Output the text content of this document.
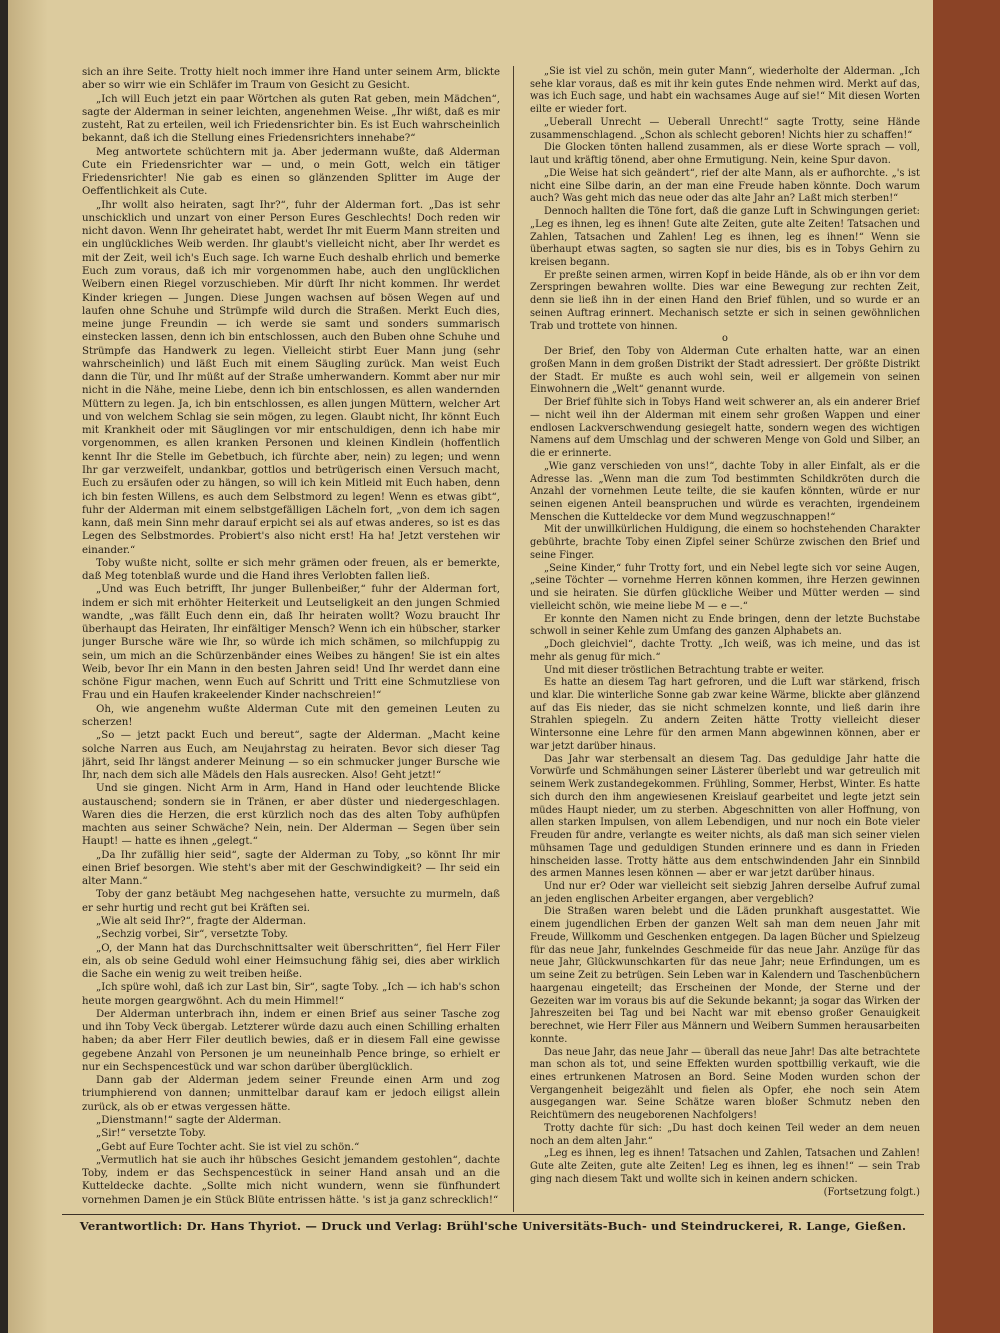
sich an ihre Seite. Trotty hielt noch immer ihre Hand unter seinem Arm, blickte aber so wirr wie ein Schläfer im Traum von Gesicht zu Gesicht.

„Ich will Euch jetzt ein paar Wörtchen als guten Rat geben, mein Mädchen“, sagte der Alderman in seiner leichten, angenehmen Weise. „Ihr wißt, daß es mir zusteht, Rat zu erteilen, weil ich Friedensrichter bin. Es ist Euch wahrscheinlich bekannt, daß ich die Stellung eines Friedensrichters innehabe?“

Meg antwortete schüchtern mit ja. Aber jedermann wußte, daß Alderman Cute ein Friedensrichter war — und, o mein Gott, welch ein tätiger Friedensrichter! Nie gab es einen so glänzenden Splitter im Auge der Oeffentlichkeit als Cute.

„Ihr wollt also heiraten, sagt Ihr?“, fuhr der Alderman fort. „Das ist sehr unschicklich und unzart von einer Person Eures Geschlechts! Doch reden wir nicht davon. Wenn Ihr geheiratet habt, werdet Ihr mit Euerm Mann streiten und ein unglückliches Weib werden. Ihr glaubt's vielleicht nicht, aber Ihr werdet es mit der Zeit, weil ich's Euch sage. Ich warne Euch deshalb ehrlich und bemerke Euch zum voraus, daß ich mir vorgenommen habe, auch den unglücklichen Weibern einen Riegel vorzuschieben. Mir dürft Ihr nicht kommen. Ihr werdet Kinder kriegen — Jungen. Diese Jungen wachsen auf bösen Wegen auf und laufen ohne Schuhe und Strümpfe wild durch die Straßen. Merkt Euch dies, meine junge Freundin — ich werde sie samt und sonders summarisch einstecken lassen, denn ich bin entschlossen, auch den Buben ohne Schuhe und Strümpfe das Handwerk zu legen. Vielleicht stirbt Euer Mann jung (sehr wahrscheinlich) und läßt Euch mit einem Säugling zurück. Man weist Euch dann die Tür, und Ihr müßt auf der Straße umherwandern. Kommt aber nur mir nicht in die Nähe, meine Liebe, denn ich bin entschlossen, es allen wandernden Müttern zu legen. Ja, ich bin entschlossen, es allen jungen Müttern, welcher Art und von welchem Schlag sie sein mögen, zu legen. Glaubt nicht, Ihr könnt Euch mit Krankheit oder mit Säuglingen vor mir entschuldigen, denn ich habe mir vorgenommen, es allen kranken Personen und kleinen Kindlein (hoffentlich kennt Ihr die Stelle im Gebetbuch, ich fürchte aber, nein) zu legen; und wenn Ihr gar verzweifelt, undankbar, gottlos und betrügerisch einen Versuch macht, Euch zu ersäufen oder zu hängen, so will ich kein Mitleid mit Euch haben, denn ich bin festen Willens, es auch dem Selbstmord zu legen! Wenn es etwas gibt“, fuhr der Alderman mit einem selbstgefälligen Lächeln fort, „von dem ich sagen kann, daß mein Sinn mehr darauf erpicht sei als auf etwas anderes, so ist es das Legen des Selbstmordes. Probiert's also nicht erst! Ha ha! Jetzt verstehen wir einander.“

Toby wußte nicht, sollte er sich mehr grämen oder freuen, als er bemerkte, daß Meg totenblaß wurde und die Hand ihres Verlobten fallen ließ.

„Und was Euch betrifft, Ihr junger Bullenbeißer,“ fuhr der Alderman fort, indem er sich mit erhöhter Heiterkeit und Leutseligkeit an den jungen Schmied wandte, „was fällt Euch denn ein, daß Ihr heiraten wollt? Wozu braucht Ihr überhaupt das Heiraten, Ihr einfältiger Mensch? Wenn ich ein hübscher, starker junger Bursche wäre wie Ihr, so würde ich mich schämen, so milchfuppig zu sein, um mich an die Schürzenbänder eines Weibes zu hängen! Sie ist ein altes Weib, bevor Ihr ein Mann in den besten Jahren seid! Und Ihr werdet dann eine schöne Figur machen, wenn Euch auf Schritt und Tritt eine Schmutzliese von Frau und ein Haufen krakeelender Kinder nachschreien!“

Oh, wie angenehm wußte Alderman Cute mit den gemeinen Leuten zu scherzen!

„So — jetzt packt Euch und bereut“, sagte der Alderman. „Macht keine solche Narren aus Euch, am Neujahrstag zu heiraten. Bevor sich dieser Tag jährt, seid Ihr längst anderer Meinung — so ein schmucker junger Bursche wie Ihr, nach dem sich alle Mädels den Hals ausrecken. Also! Geht jetzt!“

Und sie gingen. Nicht Arm in Arm, Hand in Hand oder leuchtende Blicke austauschend; sondern sie in Tränen, er aber düster und niedergeschlagen. Waren dies die Herzen, die erst kürzlich noch das des alten Toby aufhüpfen machten aus seiner Schwäche? Nein, nein. Der Alderman — Segen über sein Haupt! — hatte es ihnen „gelegt.“

„Da Ihr zufällig hier seid“, sagte der Alderman zu Toby, „so könnt Ihr mir einen Brief besorgen. Wie steht's aber mit der Geschwindigkeit? — Ihr seid ein alter Mann.“

Toby der ganz betäubt Meg nachgesehen hatte, versuchte zu murmeln, daß er sehr hurtig und recht gut bei Kräften sei.

„Wie alt seid Ihr?“, fragte der Alderman.

„Sechzig vorbei, Sir“, versetzte Toby.

„O, der Mann hat das Durchschnittsalter weit überschritten“, fiel Herr Filer ein, als ob seine Geduld wohl einer Heimsuchung fähig sei, dies aber wirklich die Sache ein wenig zu weit treiben heiße.

„Ich spüre wohl, daß ich zur Last bin, Sir“, sagte Toby. „Ich — ich hab's schon heute morgen geargwöhnt. Ach du mein Himmel!“

Der Alderman unterbrach ihn, indem er einen Brief aus seiner Tasche zog und ihn Toby Veck übergab. Letzterer würde dazu auch einen Schilling erhalten haben; da aber Herr Filer deutlich bewies, daß er in diesem Fall eine gewisse gegebene Anzahl von Personen je um neuneinhalb Pence bringe, so erhielt er nur ein Sechspencestück und war schon darüber überglücklich.

Dann gab der Alderman jedem seiner Freunde einen Arm und zog triumphierend von dannen; unmittelbar darauf kam er jedoch eiligst allein zurück, als ob er etwas vergessen hätte.

„Dienstmann!“ sagte der Alderman.

„Sir!“ versetzte Toby.

„Gebt auf Eure Tochter acht. Sie ist viel zu schön.“

„Vermutlich hat sie auch ihr hübsches Gesicht jemandem gestohlen“, dachte Toby, indem er das Sechspencestück in seiner Hand ansah und an die Kutteldecke dachte. „Sollte mich nicht wundern, wenn sie fünfhundert vornehmen Damen je ein Stück Blüte entrissen hätte. 's ist ja ganz schrecklich!“

„Sie ist viel zu schön, mein guter Mann“, wiederholte der Alderman. „Ich sehe klar voraus, daß es mit ihr kein gutes Ende nehmen wird. Merkt auf das, was ich Euch sage, und habt ein wachsames Auge auf sie!“ Mit diesen Worten eilte er wieder fort.

„Ueberall Unrecht — Ueberall Unrecht!“ sagte Trotty, seine Hände zusammenschlagend. „Schon als schlecht geboren! Nichts hier zu schaffen!“

Die Glocken tönten hallend zusammen, als er diese Worte sprach — voll, laut und kräftig tönend, aber ohne Ermutigung. Nein, keine Spur davon.

„Die Weise hat sich geändert“, rief der alte Mann, als er aufhorchte. „'s ist nicht eine Silbe darin, an der man eine Freude haben könnte. Doch warum auch? Was geht mich das neue oder das alte Jahr an? Laßt mich sterben!“

Dennoch hallten die Töne fort, daß die ganze Luft in Schwingungen geriet: „Leg es ihnen, leg es ihnen! Gute alte Zeiten, gute alte Zeiten! Tatsachen und Zahlen, Tatsachen und Zahlen! Leg es ihnen, leg es ihnen!“ Wenn sie überhaupt etwas sagten, so sagten sie nur dies, bis es in Tobys Gehirn zu kreisen begann.

Er preßte seinen armen, wirren Kopf in beide Hände, als ob er ihn vor dem Zerspringen bewahren wollte. Dies war eine Bewegung zur rechten Zeit, denn sie ließ ihn in der einen Hand den Brief fühlen, und so wurde er an seinen Auftrag erinnert. Mechanisch setzte er sich in seinen gewöhnlichen Trab und trottete von hinnen.

o

Der Brief, den Toby von Alderman Cute erhalten hatte, war an einen großen Mann in dem großen Distrikt der Stadt adressiert. Der größte Distrikt der Stadt. Er mußte es auch wohl sein, weil er allgemein von seinen Einwohnern die „Welt“ genannt wurde.

Der Brief fühlte sich in Tobys Hand weit schwerer an, als ein anderer Brief — nicht weil ihn der Alderman mit einem sehr großen Wappen und einer endlosen Lackverschwendung gesiegelt hatte, sondern wegen des wichtigen Namens auf dem Umschlag und der schweren Menge von Gold und Silber, an die er erinnerte.

„Wie ganz verschieden von uns!“, dachte Toby in aller Einfalt, als er die Adresse las. „Wenn man die zum Tod bestimmten Schildkröten durch die Anzahl der vornehmen Leute teilte, die sie kaufen könnten, würde er nur seinen eigenen Anteil beanspruchen und würde es verachten, irgendeinem Menschen die Kutteldecke vor dem Mund wegzuschnappen!“

Mit der unwillkürlichen Huldigung, die einem so hochstehenden Charakter gebührte, brachte Toby einen Zipfel seiner Schürze zwischen den Brief und seine Finger.

„Seine Kinder,“ fuhr Trotty fort, und ein Nebel legte sich vor seine Augen, „seine Töchter — vornehme Herren können kommen, ihre Herzen gewinnen und sie heiraten. Sie dürfen glückliche Weiber und Mütter werden — sind vielleicht schön, wie meine liebe M — e —.“

Er konnte den Namen nicht zu Ende bringen, denn der letzte Buchstabe schwoll in seiner Kehle zum Umfang des ganzen Alphabets an.

„Doch gleichviel“, dachte Trotty. „Ich weiß, was ich meine, und das ist mehr als genug für mich.“

Und mit dieser tröstlichen Betrachtung trabte er weiter.

Es hatte an diesem Tag hart gefroren, und die Luft war stärkend, frisch und klar. Die winterliche Sonne gab zwar keine Wärme, blickte aber glänzend auf das Eis nieder, das sie nicht schmelzen konnte, und ließ darin ihre Strahlen spiegeln. Zu andern Zeiten hätte Trotty vielleicht dieser Wintersonne eine Lehre für den armen Mann abgewinnen können, aber er war jetzt darüber hinaus.

Das Jahr war sterbensalt an diesem Tag. Das geduldige Jahr hatte die Vorwürfe und Schmähungen seiner Lästerer überlebt und war getreulich mit seinem Werk zustandegekommen. Frühling, Sommer, Herbst, Winter. Es hatte sich durch den ihm angewiesenen Kreislauf gearbeitet und legte jetzt sein müdes Haupt nieder, um zu sterben. Abgeschnitten von aller Hoffnung, von allen starken Impulsen, von allem Lebendigen, und nur noch ein Bote vieler Freuden für andre, verlangte es weiter nichts, als daß man sich seiner vielen mühsamen Tage und geduldigen Stunden erinnere und es dann in Frieden hinscheiden lasse. Trotty hätte aus dem entschwindenden Jahr ein Sinnbild des armen Mannes lesen können — aber er war jetzt darüber hinaus.

Und nur er? Oder war vielleicht seit siebzig Jahren derselbe Aufruf zumal an jeden englischen Arbeiter ergangen, aber vergeblich?

Die Straßen waren belebt und die Läden prunkhaft ausgestattet. Wie einem jugendlichen Erben der ganzen Welt sah man dem neuen Jahr mit Freude, Willkomm und Geschenken entgegen. Da lagen Bücher und Spielzeug für das neue Jahr, funkelndes Geschmeide für das neue Jahr. Anzüge für das neue Jahr, Glückwunschkarten für das neue Jahr; neue Erfindungen, um es um seine Zeit zu betrügen. Sein Leben war in Kalendern und Taschenbüchern haargenau eingeteilt; das Erscheinen der Monde, der Sterne und der Gezeiten war im voraus bis auf die Sekunde bekannt; ja sogar das Wirken der Jahreszeiten bei Tag und bei Nacht war mit ebenso großer Genauigkeit berechnet, wie Herr Filer aus Männern und Weibern Summen herausarbeiten konnte.

Das neue Jahr, das neue Jahr — überall das neue Jahr! Das alte betrachtete man schon als tot, und seine Effekten wurden spottbillig verkauft, wie die eines ertrunkenen Matrosen an Bord. Seine Moden wurden schon der Vergangenheit beigezählt und fielen als Opfer, ehe noch sein Atem ausgegangen war. Seine Schätze waren bloßer Schmutz neben den Reichtümern des neugeborenen Nachfolgers!

Trotty dachte für sich: „Du hast doch keinen Teil weder an dem neuen noch an dem alten Jahr.“

„Leg es ihnen, leg es ihnen! Tatsachen und Zahlen, Tatsachen und Zahlen! Gute alte Zeiten, gute alte Zeiten! Leg es ihnen, leg es ihnen!“ — sein Trab ging nach diesem Takt und wollte sich in keinen andern schicken.

(Fortsetzung folgt.)

Verantwortlich: Dr. Hans Thyriot. — Druck und Verlag: Brühl'sche Universitäts-Buch- und Steindruckerei, R. Lange, Gießen.
